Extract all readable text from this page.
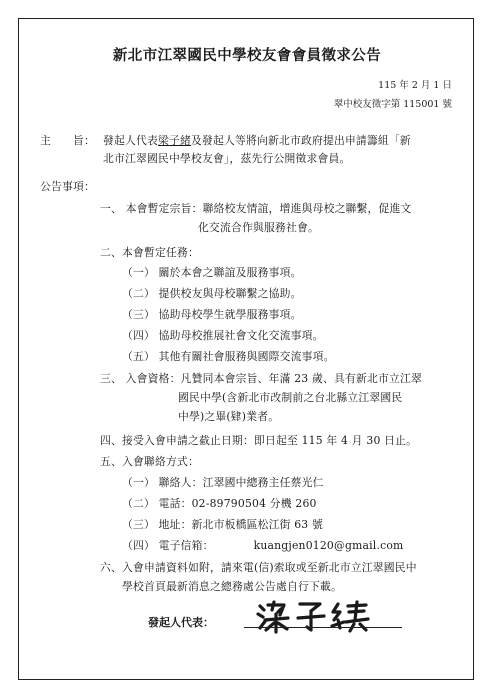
新北市江翠國民中學校友會會員徵求公告
115 年 2 月 1 日
翠中校友徵字第 115001 號
主　　旨： 發起人代表梁子緒及發起人等將向新北市政府提出申請籌組「新
北市江翠國民中學校友會」，茲先行公開徵求會員。
公告事項：
一、 本會暫定宗旨：聯絡校友情誼，增進與母校之聯繫，促進文
化交流合作與服務社會。
二、本會暫定任務：
（一） 關於本會之聯誼及服務事項。
（二） 提供校友與母校聯繫之協助。
（三） 協助母校學生就學服務事項。
（四） 協助母校推展社會文化交流事項。
（五） 其他有關社會服務與國際交流事項。
三、 入會資格：凡贊同本會宗旨、年滿 23 歲、具有新北市立江翠
國民中學(含新北市改制前之台北縣立江翠國民
中學)之畢(肄)業者。
四、接受入會申請之截止日期：即日起至 115 年 4 月 30 日止。
五、入會聯絡方式：
（一） 聯絡人：江翠國中總務主任蔡光仁
（二） 電話：02-89790504 分機 260
（三） 地址：新北市板橋區松江街 63 號
（四） 電子信箱：	kuangjen0120@gmail.com
六、入會申請資料如附，請來電(信)索取或至新北市立江翠國民中
學校首頁最新消息之總務處公告處自行下載。
發起人代表：
